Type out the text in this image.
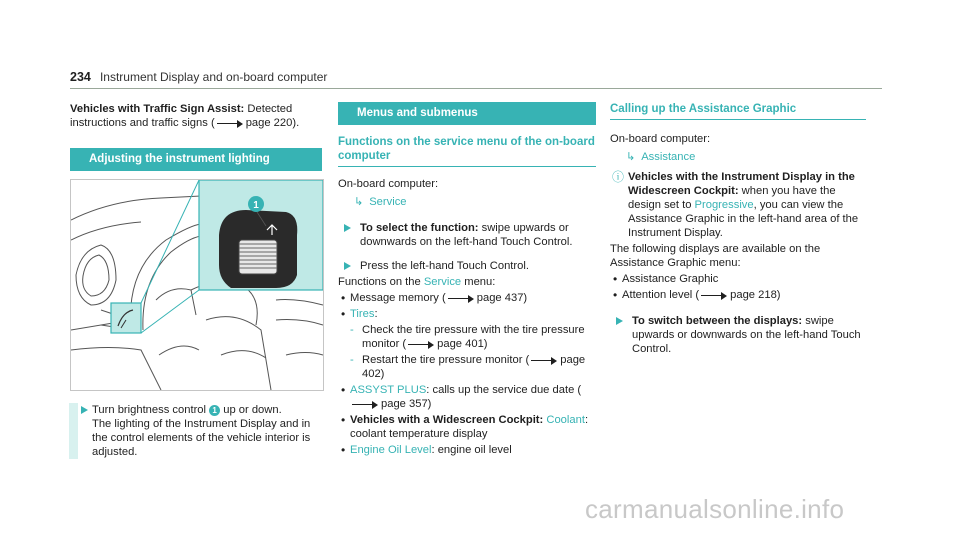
234 Instrument Display and on-board computer

Vehicles with Traffic Sign Assist: Detected instructions and traffic signs (	page 220).

Adjusting the instrument lighting
1
Turn brightness control 1 up or down.

The lighting of the Instrument Display and in the control elements of the vehicle interior is adjusted.

Menus and submenus
Functions on the service menu of the on-board computer

On-board computer:

↳ Service
To select the function: swipe upwards or downwards on the left-hand Touch Control.
Press the left-hand Touch Control.

Functions on the Service menu:

• Message memory (	page 437)
• Tires:
- Check the tire pressure with the tire pressure monitor (	page 401)
- Restart the tire pressure monitor (	page 402)
• ASSYST PLUS: calls up the service due date (page 357)
• Vehicles with a Widescreen Cockpit: Coolant: coolant temperature display
• Engine Oil Level: engine oil level
Calling up the Assistance Graphic

On-board computer:

↳ Assistance
ⓘ Vehicles with the Instrument Display in the Widescreen Cockpit: when you have the design set to Progressive, you can view the Assistance Graphic in the left-hand area of the Instrument Display.

The following displays are available on the Assistance Graphic menu:

• Assistance Graphic
• Attention level (	page 218)
To switch between the displays: swipe upwards or downwards on the left-hand Touch Control.
carmanualsonline.info
